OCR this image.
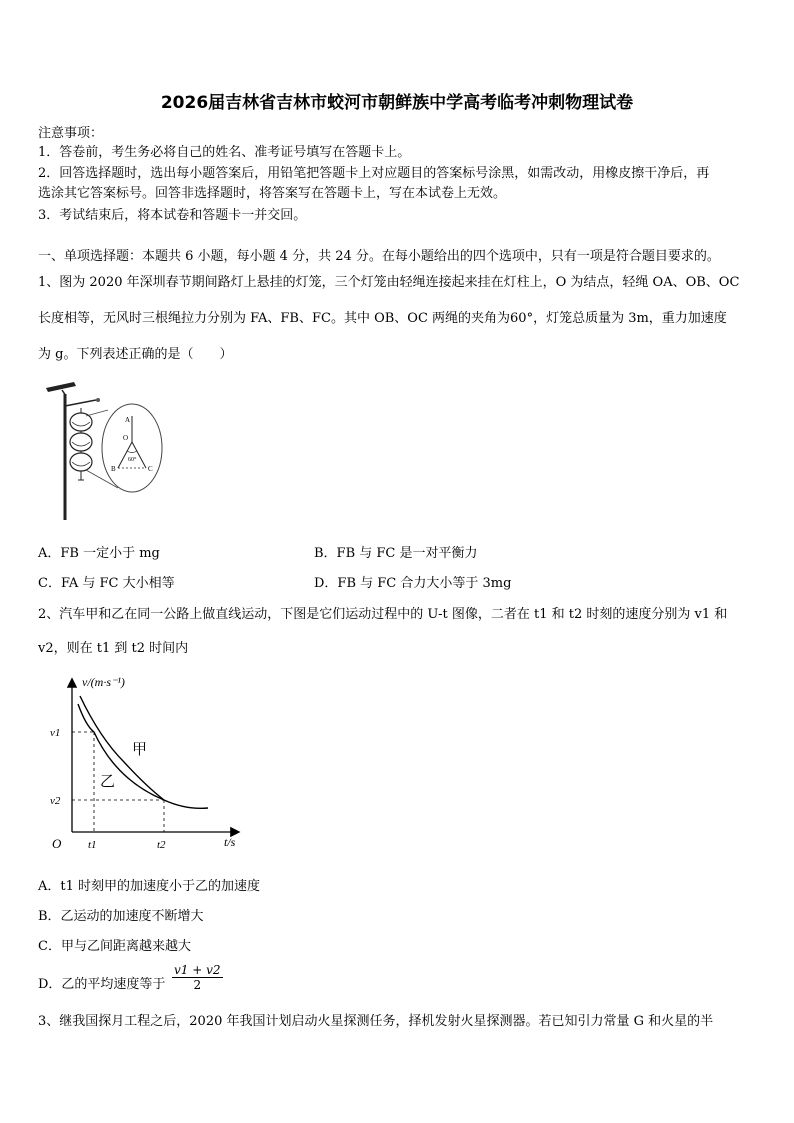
2026届吉林省吉林市蛟河市朝鲜族中学高考临考冲刺物理试卷
注意事项：
1．答卷前，考生务必将自己的姓名、准考证号填写在答题卡上。
2．回答选择题时，选出每小题答案后，用铅笔把答题卡上对应题目的答案标号涂黑，如需改动，用橡皮擦干净后，再
选涂其它答案标号。回答非选择题时，将答案写在答题卡上，写在本试卷上无效。
3．考试结束后，将本试卷和答题卡一并交回。
一、单项选择题：本题共 6 小题，每小题 4 分，共 24 分。在每小题给出的四个选项中，只有一项是符合题目要求的。
1、图为 2020 年深圳春节期间路灯上悬挂的灯笼，三个灯笼由轻绳连接起来挂在灯柱上，O 为结点，轻绳 OA、OB、OC
长度相等，无风时三根绳拉力分别为 FA、FB、FC。其中 OB、OC 两绳的夹角为60°，灯笼总质量为 3m，重力加速度
为 g。下列表述正确的是（　　）
A
O
B	C
60°
A．FB 一定小于 mg	B．FB 与 FC 是一对平衡力
C．FA 与 FC 大小相等	D．FB 与 FC 合力大小等于 3mg
2、汽车甲和乙在同一公路上做直线运动，下图是它们运动过程中的 U-t 图像，二者在 t1 和 t2 时刻的速度分别为 v1 和
v2，则在 t1 到 t2 时间内
v/(m·s⁻¹)
t/s
O
v1
v2
t1	t2
甲
乙
A．t1 时刻甲的加速度小于乙的加速度
B．乙运动的加速度不断增大
C．甲与乙间距离越来越大
D．乙的平均速度等于 $\frac{v1 + v2}{2}$
3、继我国探月工程之后，2020 年我国计划启动火星探测任务，择机发射火星探测器。若已知引力常量 G 和火星的半
